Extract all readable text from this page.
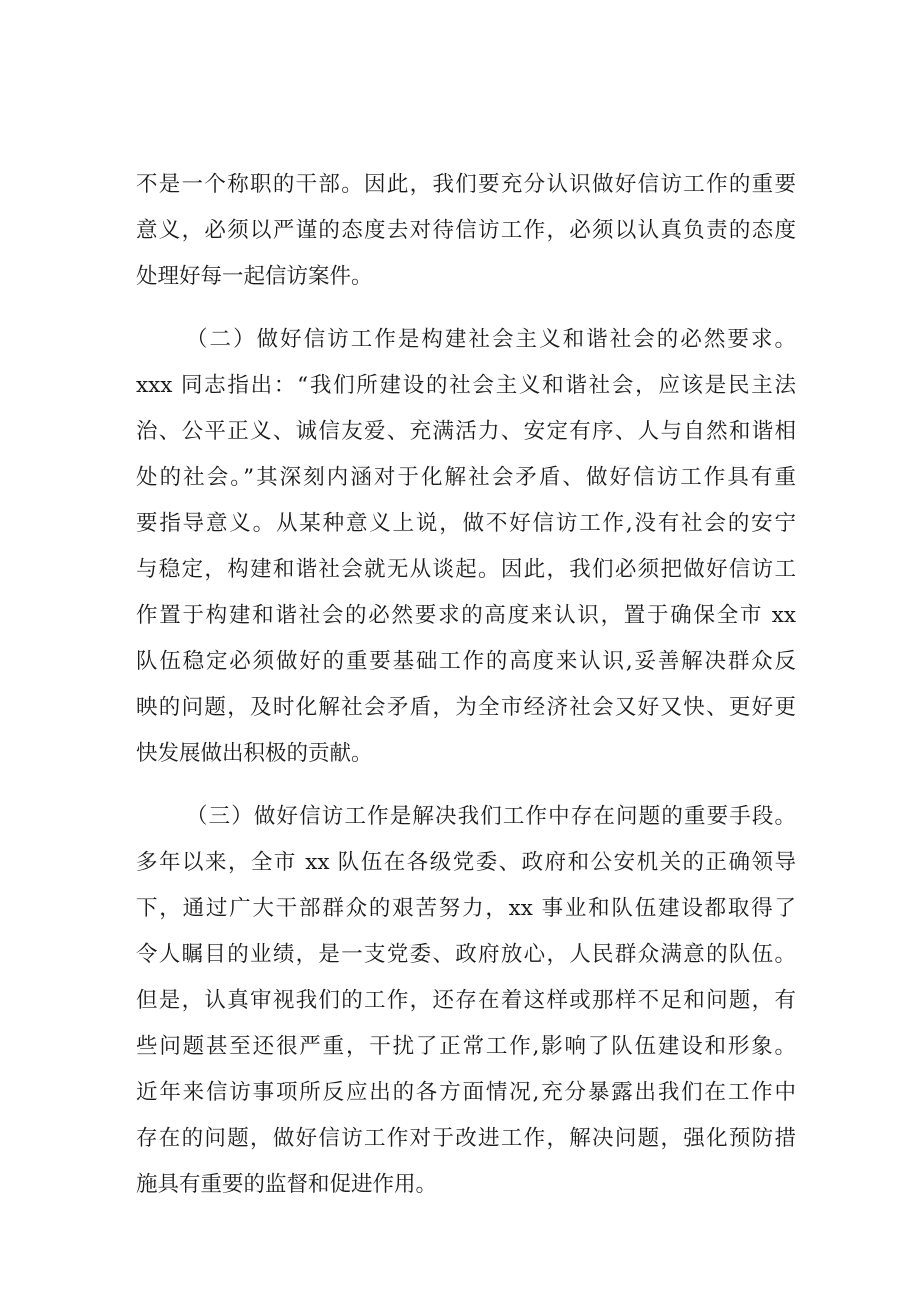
不是一个称职的干部。因此，我们要充分认识做好信访工作的重要
意义，必须以严谨的态度去对待信访工作，必须以认真负责的态度
处理好每一起信访案件。
（二）做好信访工作是构建社会主义和谐社会的必然要求。
xxx 同志指出：“我们所建设的社会主义和谐社会，应该是民主法
治、公平正义、诚信友爱、充满活力、安定有序、人与自然和谐相
处的社会。”其深刻内涵对于化解社会矛盾、做好信访工作具有重
要指导意义。从某种意义上说，做不好信访工作,没有社会的安宁
与稳定，构建和谐社会就无从谈起。因此，我们必须把做好信访工
作置于构建和谐社会的必然要求的高度来认识，置于确保全市 xx
队伍稳定必须做好的重要基础工作的高度来认识,妥善解决群众反
映的问题，及时化解社会矛盾，为全市经济社会又好又快、更好更
快发展做出积极的贡献。
（三）做好信访工作是解决我们工作中存在问题的重要手段。
多年以来，全市 xx 队伍在各级党委、政府和公安机关的正确领导
下，通过广大干部群众的艰苦努力，xx 事业和队伍建设都取得了
令人瞩目的业绩，是一支党委、政府放心，人民群众满意的队伍。
但是，认真审视我们的工作，还存在着这样或那样不足和问题，有
些问题甚至还很严重，干扰了正常工作,影响了队伍建设和形象。
近年来信访事项所反应出的各方面情况,充分暴露出我们在工作中
存在的问题，做好信访工作对于改进工作，解决问题，强化预防措
施具有重要的监督和促进作用。
